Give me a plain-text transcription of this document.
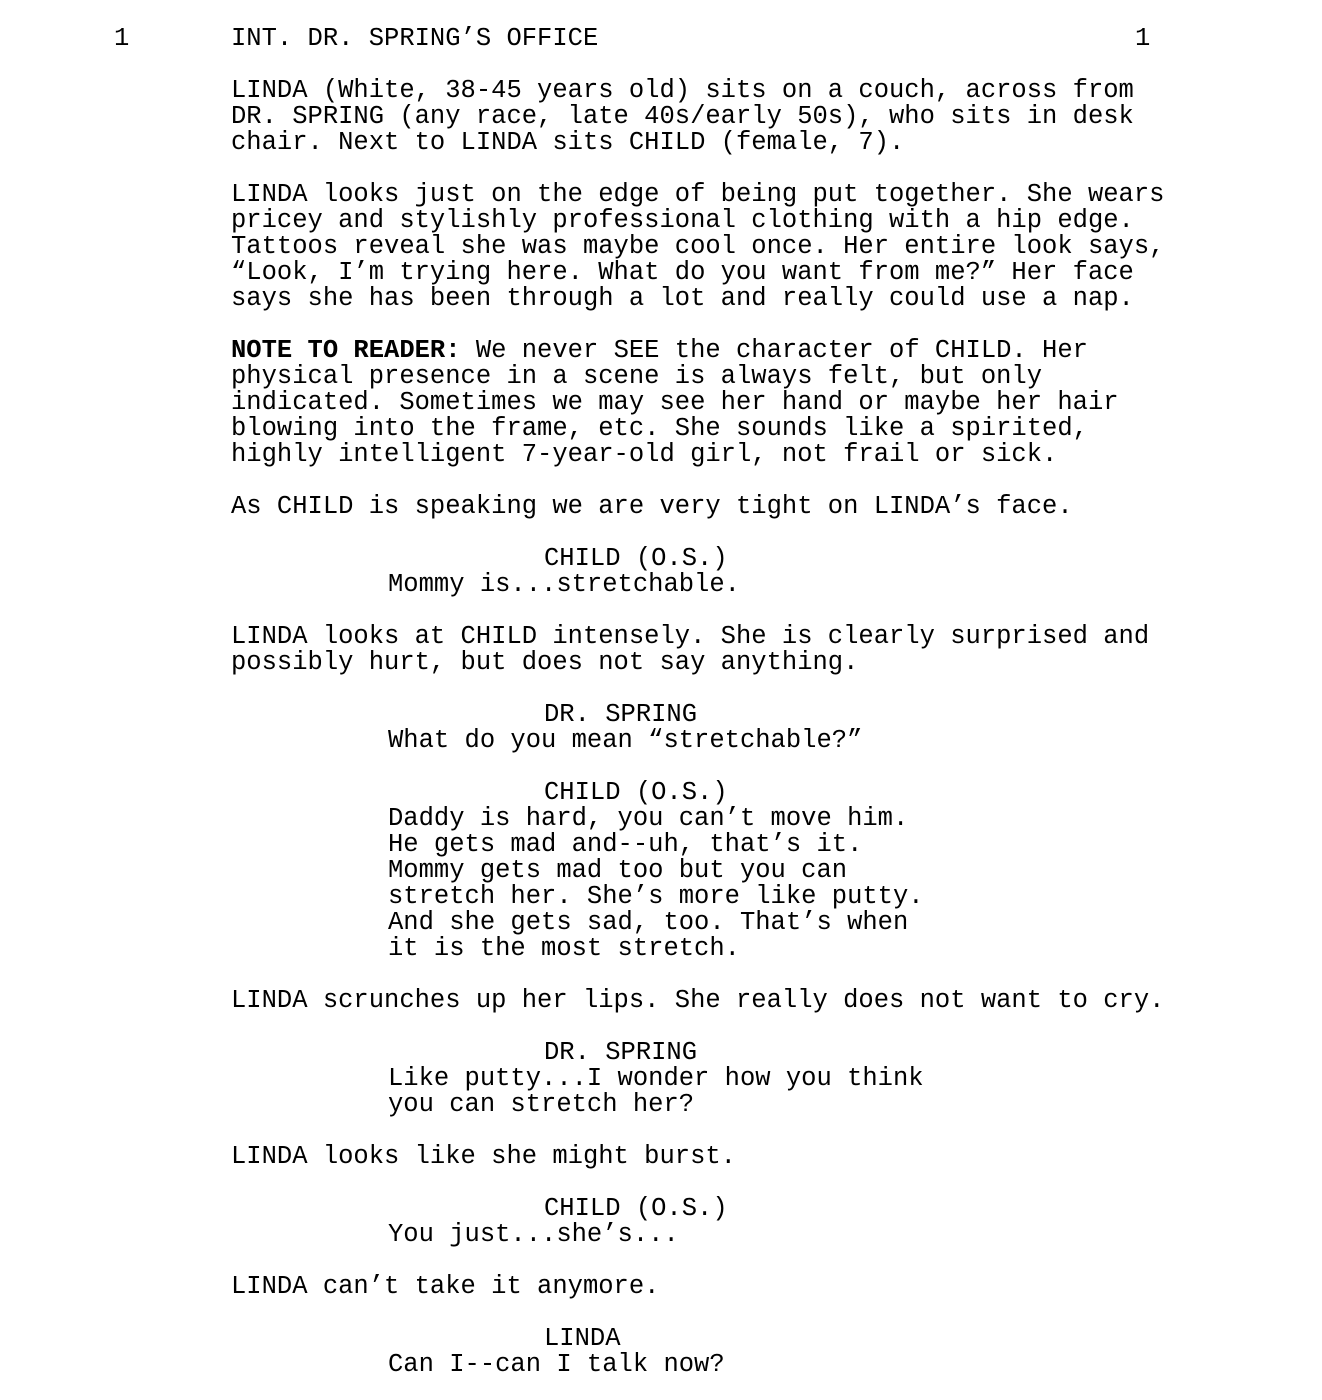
1	1
INT. DR. SPRING’S OFFICE
LINDA (White, 38-45 years old) sits on a couch, across from
DR. SPRING (any race, late 40s/early 50s), who sits in desk
chair. Next to LINDA sits CHILD (female, 7).
LINDA looks just on the edge of being put together. She wears
pricey and stylishly professional clothing with a hip edge.
Tattoos reveal she was maybe cool once. Her entire look says,
“Look, I’m trying here. What do you want from me?” Her face
says she has been through a lot and really could use a nap.
NOTE TO READER: We never SEE the character of CHILD. Her
physical presence in a scene is always felt, but only
indicated. Sometimes we may see her hand or maybe her hair
blowing into the frame, etc. She sounds like a spirited,
highly intelligent 7-year-old girl, not frail or sick.
As CHILD is speaking we are very tight on LINDA’s face.
CHILD (O.S.)
Mommy is...stretchable.
LINDA looks at CHILD intensely. She is clearly surprised and
possibly hurt, but does not say anything.
DR. SPRING
What do you mean “stretchable?”
CHILD (O.S.)
Daddy is hard, you can’t move him.
He gets mad and--uh, that’s it.
Mommy gets mad too but you can
stretch her. She’s more like putty.
And she gets sad, too. That’s when
it is the most stretch.
LINDA scrunches up her lips. She really does not want to cry.
DR. SPRING
Like putty...I wonder how you think
you can stretch her?
LINDA looks like she might burst.
CHILD (O.S.)
You just...she’s...
LINDA can’t take it anymore.
LINDA
Can I--can I talk now?
